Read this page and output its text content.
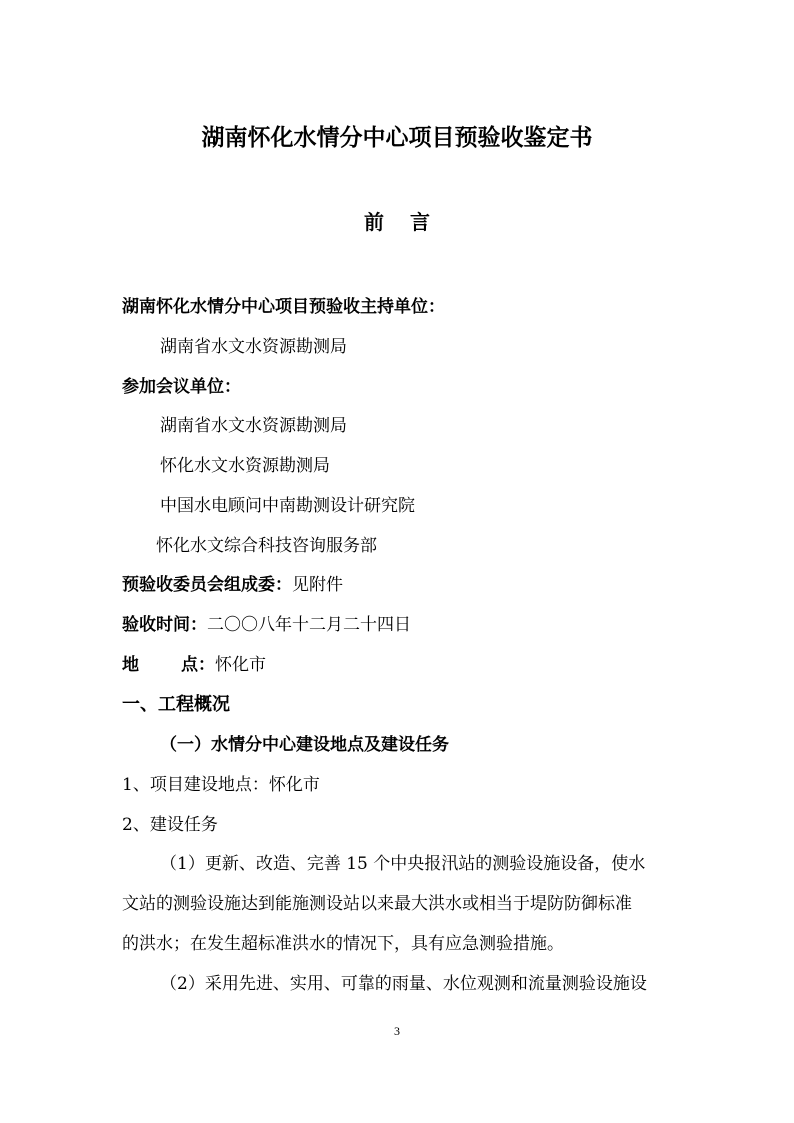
湖南怀化水情分中心项目预验收鉴定书
前 言
湖南怀化水情分中心项目预验收主持单位：
湖南省水文水资源勘测局
参加会议单位：
湖南省水文水资源勘测局
怀化水文水资源勘测局
中国水电顾问中南勘测设计研究院
怀化水文综合科技咨询服务部
预验收委员会组成委：见附件
验收时间：二〇〇八年十二月二十四日
地 点：怀化市
一、工程概况
（一）水情分中心建设地点及建设任务
1、项目建设地点：怀化市
2、建设任务
（1）更新、改造、完善 15 个中央报汛站的测验设施设备，使水
文站的测验设施达到能施测设站以来最大洪水或相当于堤防防御标准
的洪水；在发生超标准洪水的情况下，具有应急测验措施。
（2）采用先进、实用、可靠的雨量、水位观测和流量测验设施设
3
